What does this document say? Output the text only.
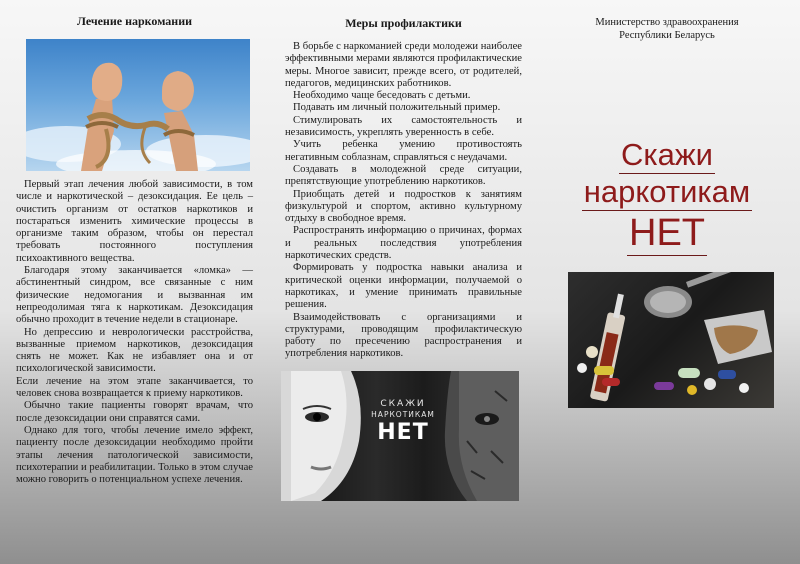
Лечение наркомании

Первый этап лечения любой зависимости, в том числе и наркотической – дезоксидация. Ее цель – очистить организм от остатков наркотиков и постараться изменить химические процессы в организме таким образом, чтобы он перестал требовать постоянного поступления психоактивного вещества.

Благодаря этому заканчивается «ломка» — абстинентный синдром, все связанные с ним физические недомогания и вызванная им непреодолимая тяга к наркотикам. Дезоксидация обычно проходит в течение недели в стационаре.

Но депрессию и неврологически расстройства, вызванные приемом наркотиков, дезоксидация снять не может. Как не избавляет она и от психологической зависимости.

Если лечение на этом этапе заканчивается, то человек снова возвращается к приему наркотиков.

Обычно такие пациенты говорят врачам, что после дезоксидации они справятся сами.

Однако для того, чтобы лечение имело эффект, пациенту после дезоксидации необходимо пройти этапы лечения патологической зависимости, психотерапии и реабилитации. Только в этом случае можно говорить о потенциальном успехе лечения.

Меры профилактики

В борьбе с наркоманией среди молодежи наиболее эффективными мерами являются профилактические меры. Многое зависит, прежде всего, от родителей, педагогов, медицинских работников.

Необходимо чаще беседовать с детьми.

Подавать им личный положительный пример.

Стимулировать их самостоятельность и независимость, укреплять уверенность в себе.

Учить ребенка умению противостоять негативным соблазнам, справляться с неудачами.

Создавать в молодежной среде ситуации, препятствующие употреблению наркотиков.

Приобщать детей и подростков к занятиям физкультурой и спортом, активно культурному отдыху в свободное время.

Распространять информацию о причинах, формах и реальных последствия употребления наркотических средств.

Формировать у подростка навыки анализа и критической оценки информации, получаемой о наркотиках, и умение принимать правильные решения.

Взаимодействовать с организациями и структурами, проводящим профилактическую работу по пресечению распространения и употребления наркотиков.

СКАЖИ
НАРКОТИКАМ
НЕТ
Министерство здравоохранения
Республики Беларусь
Скажи
наркотикам
НЕТ
